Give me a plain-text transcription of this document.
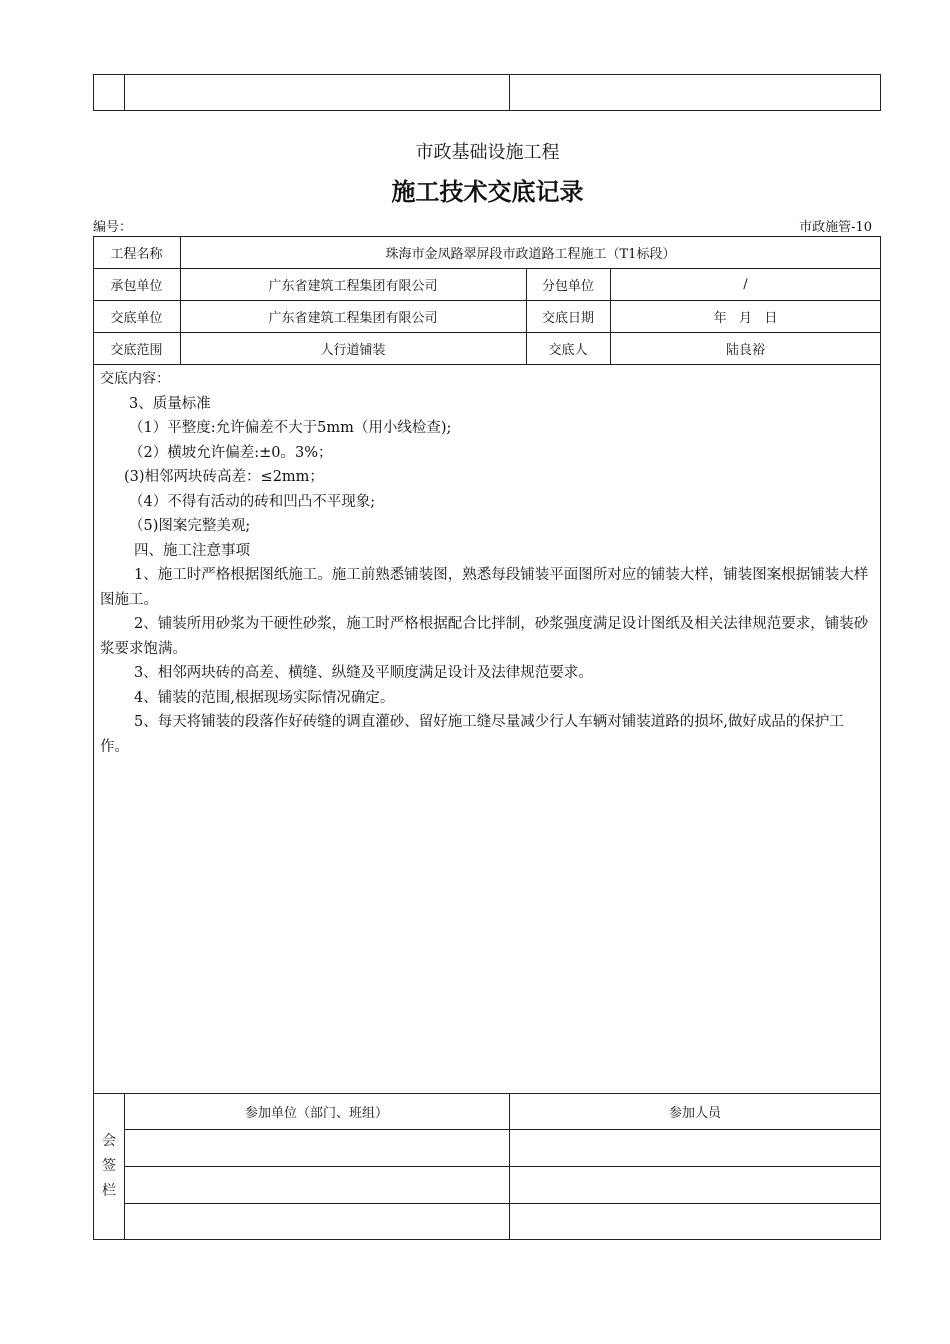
市政基础设施工程
施工技术交底记录
编号：	市政施管-10
工程名称	珠海市金凤路翠屏段市政道路工程施工（T1标段）
承包单位	广东省建筑工程集团有限公司	分包单位	/
交底单位	广东省建筑工程集团有限公司	交底日期	年   月   日
交底范围	人行道铺装	交底人	陆良裕

交底内容：

3、质量标准

（1）平整度:允许偏差不大于5mm（用小线检查);

（2）横坡允许偏差:±0。3%；

(3)相邻两块砖高差：≤2mm；

（4）不得有活动的砖和凹凸不平现象;

（5)图案完整美观;

四、施工注意事项

1、施工时严格根据图纸施工。施工前熟悉铺装图，熟悉每段铺装平面图所对应的铺装大样，铺装图案根据铺装大样图施工。

2、铺装所用砂浆为干硬性砂浆，施工时严格根据配合比拌制，砂浆强度满足设计图纸及相关法律规范要求，铺装砂浆要求饱满。

3、相邻两块砖的高差、横缝、纵缝及平顺度满足设计及法律规范要求。

4、铺装的范围,根据现场实际情况确定。

5、每天将铺装的段落作好砖缝的调直灌砂、留好施工缝尽量减少行人车辆对铺装道路的损坏,做好成品的保护工作。

会
签
栏
参加单位（部门、班组）	参加人员
